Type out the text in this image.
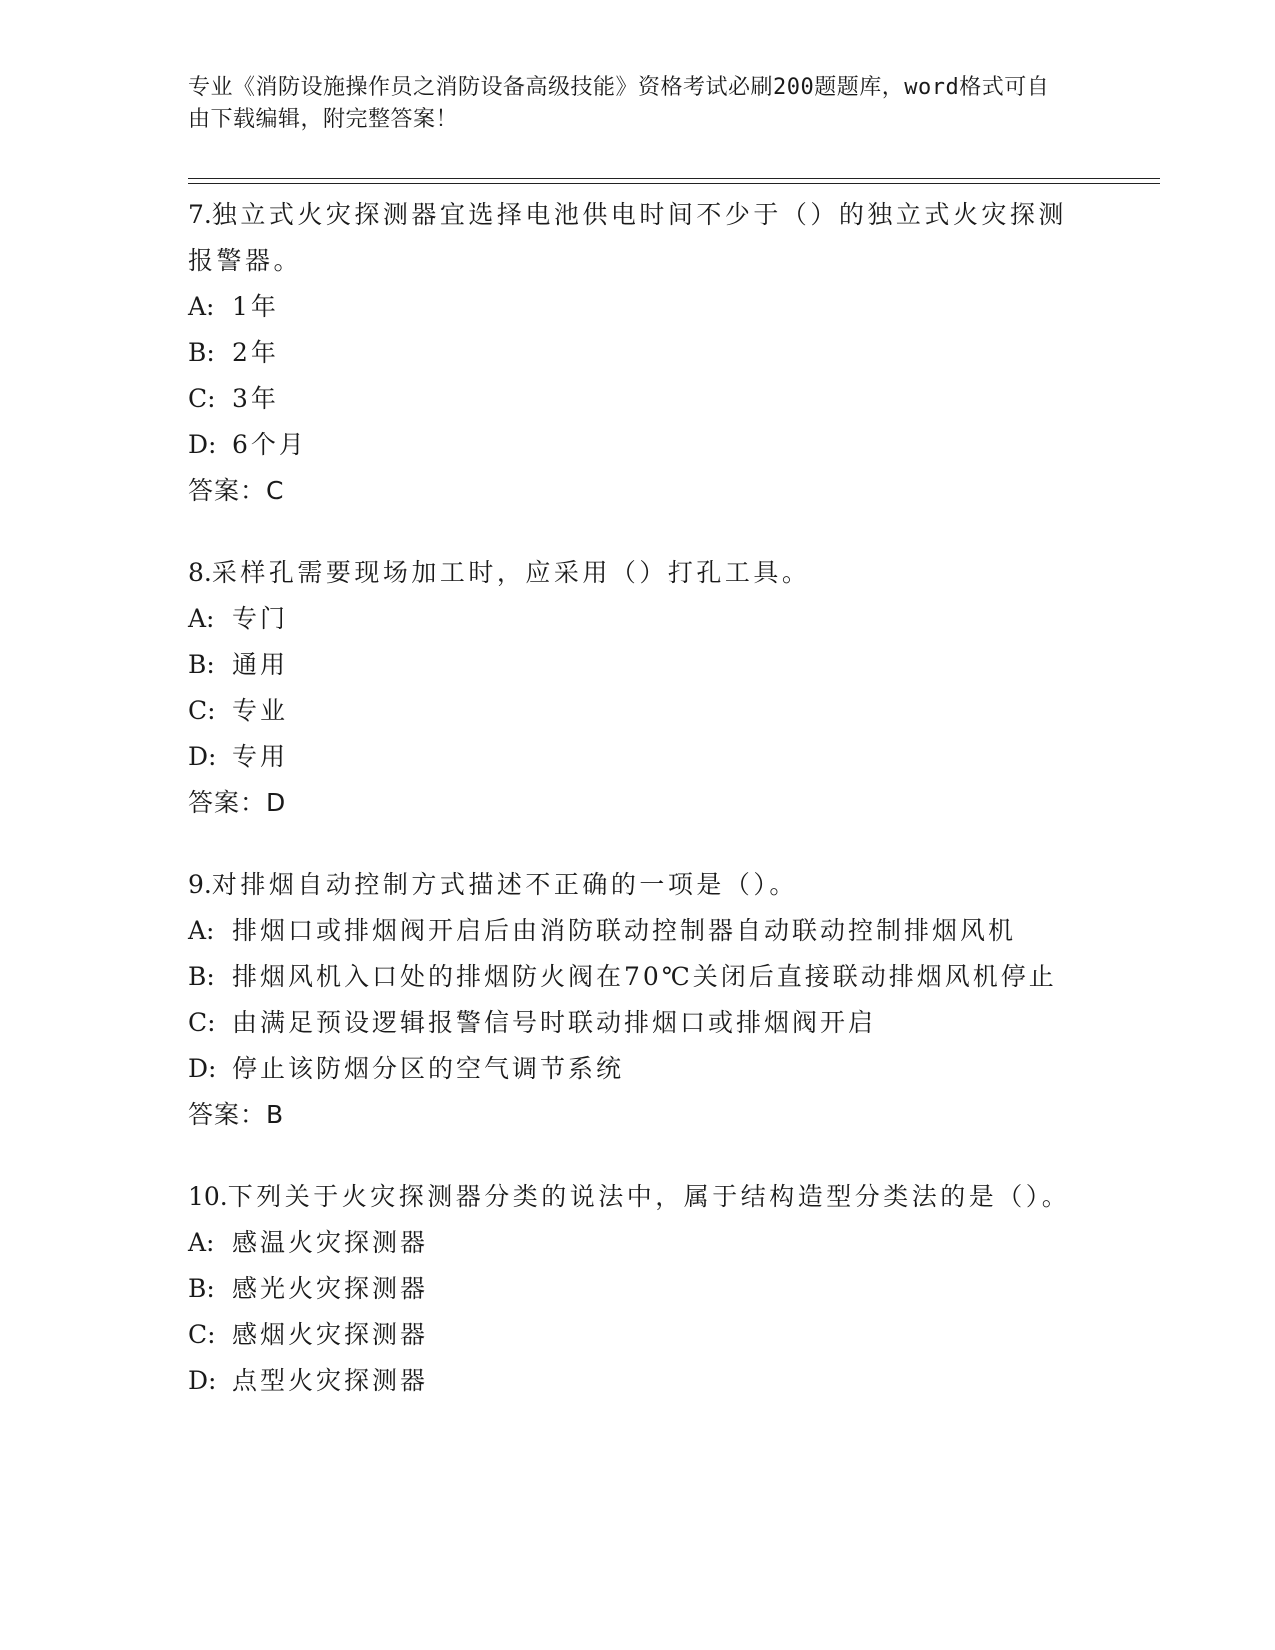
专业《消防设施操作员之消防设备高级技能》资格考试必刷200题题库，word格式可自由下载编辑，附完整答案！

7.独立式火灾探测器宜选择电池供电时间不少于（）的独立式火灾探测报警器。

A: 1年
B: 2年
C: 3年
D: 6个月

答案：C

8.采样孔需要现场加工时，应采用（）打孔工具。

A: 专门
B: 通用
C: 专业
D: 专用

答案：D

9.对排烟自动控制方式描述不正确的一项是（）。

A: 排烟口或排烟阀开启后由消防联动控制器自动联动控制排烟风机
B: 排烟风机入口处的排烟防火阀在70℃关闭后直接联动排烟风机停止
C: 由满足预设逻辑报警信号时联动排烟口或排烟阀开启
D: 停止该防烟分区的空气调节系统

答案：B

10.下列关于火灾探测器分类的说法中，属于结构造型分类法的是（）。

A: 感温火灾探测器
B: 感光火灾探测器
C: 感烟火灾探测器
D: 点型火灾探测器
